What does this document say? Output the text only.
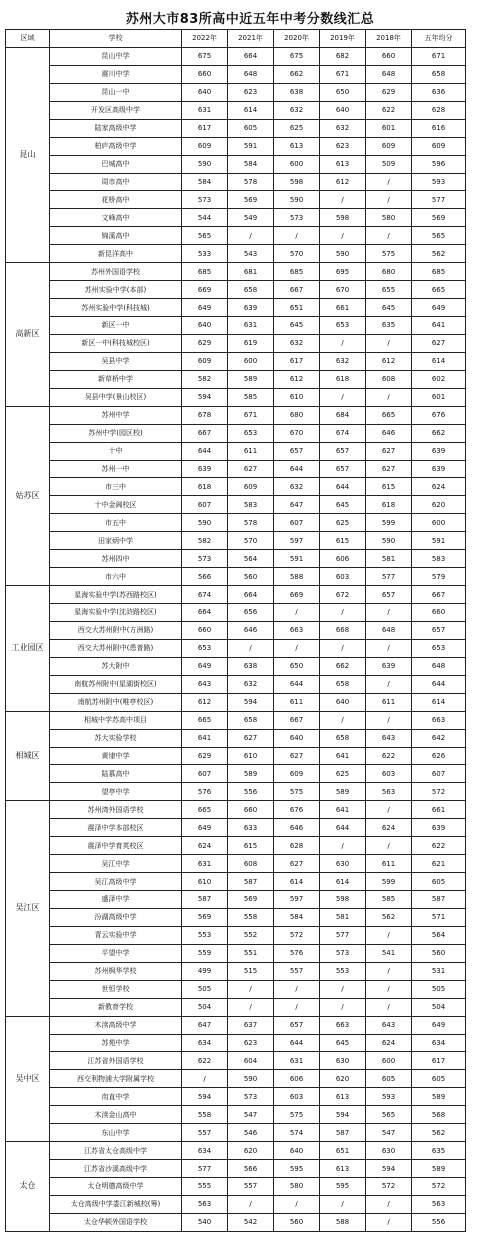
苏州大市83所高中近五年中考分数线汇总
区域	学校	2022年	2021年	2020年	2019年	2018年	五年均分
昆山	昆山中学	675	664	675	682	660	671
	震川中学	660	648	662	671	648	658
	昆山一中	640	623	638	650	629	636
	开发区高级中学	631	614	632	640	622	628
	陆家高级中学	617	605	625	632	601	616
	柏庐高级中学	609	591	613	623	609	609
	巴城高中	590	584	600	613	509	596
	周市高中	584	578	598	612	/	593
	花桥高中	573	569	590	/	/	577
	文峰高中	544	549	573	598	580	569
	锦溪高中	565	/	/	/	/	565
	新昆洋高中	533	543	570	590	575	562
高新区	苏州外国语学校	685	681	685	695	680	685
	苏州实验中学(本部)	669	658	667	670	655	665
	苏州实验中学(科技城)	649	639	651	661	645	649
	新区一中	640	631	645	653	635	641
	新区一中(科技城校区)	629	619	632	/	/	627
	吴县中学	609	600	617	632	612	614
	新草桥中学	582	589	612	618	608	602
	吴县中学(景山校区)	594	585	610	/	/	601
姑苏区	苏州中学	678	671	680	684	665	676
	苏州中学(园区校)	667	653	670	674	646	662
	十中	644	611	657	657	627	639
	苏州一中	639	627	644	657	627	639
	市三中	618	609	632	644	615	624
	十中金阊校区	607	583	647	645	618	620
	市五中	590	578	607	625	599	600
	田家炳中学	582	570	597	615	590	591
	苏州四中	573	564	591	606	581	583
	市六中	566	560	588	603	577	579
工业园区	星海实验中学(苏西路校区)	674	664	669	672	657	667
	星海实验中学(沈浒路校区)	664	656	/	/	/	660
	西交大苏州附中(方洲路)	660	646	663	668	648	657
	西交大苏州附中(患普路)	653	/	/	/	/	653
	苏大附中	649	638	650	662	639	648
	南航苏州附中(星湖街校区)	643	632	644	658	/	644
	南航苏州附中(唯亭校区)	612	594	611	640	611	614
相城区	相城中学苏高中项目	665	658	667	/	/	663
	苏大实验学校	641	627	640	658	643	642
	黄埭中学	629	610	627	641	622	626
	陆慕高中	607	589	609	625	603	607
	望亭中学	576	556	575	589	563	572
吴江区	苏州湾外国语学校	665	660	676	641	/	661
	震泽中学本部校区	649	633	646	644	624	639
	震泽中学育英校区	624	615	628	/	/	622
	吴江中学	631	608	627	630	611	621
	吴江高级中学	610	587	614	614	599	605
	盛泽中学	587	569	597	598	585	587
	汾湖高级中学	569	558	584	581	562	571
	青云实验中学	553	552	572	577	/	564
	平望中学	559	551	576	573	541	560
	苏州枫华学校	499	515	557	553	/	531
	世恒学校	505	/	/	/	/	505
	新教育学校	504	/	/	/	/	504
吴中区	木渎高级中学	647	637	657	663	643	649
	苏苑中学	634	623	644	645	624	634
	江苏省外国语学校	622	604	631	630	600	617
	西交利物浦大学附属学校	/	590	606	620	605	605
	甪直中学	594	573	603	613	593	589
	木渎金山高中	558	547	575	594	565	568
	东山中学	557	546	574	587	547	562
太仓	江苏省太仓高级中学	634	620	640	651	630	635
	江苏省沙溪高级中学	577	566	595	613	594	589
	太仓明德高级中学	555	557	580	595	572	572
	太仓高级中学娄江新城校(筹)	563	/	/	/	/	563
	太仓华顿外国语学校	540	542	560	588	/	556
